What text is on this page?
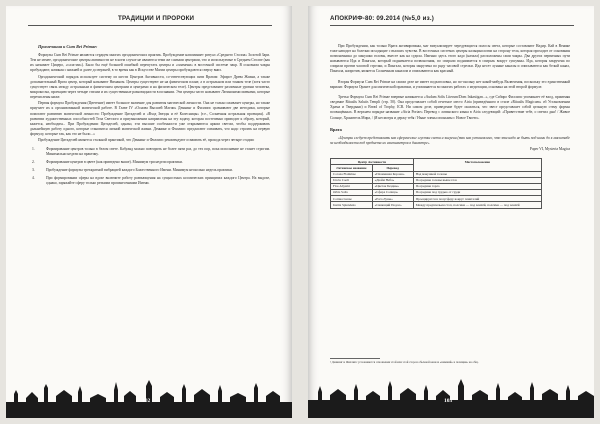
ТРАДИЦИИ И ПРОРОКИ
Примечания к Cum Rei Primae:

Формулы Cum Rei Primae являются сердцем многих оргадонических практик. Пробуждение напоминает ритуал «Среднего Столпа» Золотой Зари. Тем не менее, оргадонические центры активности не в коем случае не являются теми же самыми центрами, что и используемые в Среднем Столпе (как их называет Цицеро, «сала-ми»). Было бы ещё большей ошибкой перепутать центры и «пламени» в восточной системе чакр. В основном чакры пробуждают, начиная с нижней и далее до верхней, в то время как в Искусстве Магии центры пробуждаются сверху вниз.

Оргадонический порядок использует систему из шести Центров Активности, со-ответствующих пяти Вратам: Эфирот Древа Жизни, а также дополнительный Врата центр, который называют Ниманом. Центры существуют не на физическом плане, а в астральном или тонком теле (хотя часто существует связь между астральным и физическим центрами и центрами и на физическом теле). Центры представляют различные уровни человека, микрокосма, проекцию через четыре стихии и их существенные разновидности в познании. Эти центры часто называют Латинскими именами, которые перечислены ниже.

Первая формула Пробуждения (Цветение) имеет большое значение для развития магической личности. Она не только оживляет центры, но также приучает их к организованной магической работе. В Главе IV «Основа Высшей Магии» Деннинг и Филлипс сравнивают две методики, которые помогают развитию магической личности: Пробуждение Цитаделей и «Вход Звезды и её Колесницы» (т.е., Солнечная астральная проекция). «В развитии художественных способностей Тела Светлого и приумножении направлены на эту задачу, которая постепенно приводит к образу, который, кажется, необходим... При Пробуждении Цитаделей, однако, эти высшие особенности уже открываются ярким светом, чтобы поддерживать дальнейшую работу одного, которые становятся личной магической жизни. Деннинг и Филлипс предлагают осваивать, что надо строить на первую формулу, которые так, как это не было...»

Пробуждение Цитаделей является стальной практикой, что Деннинг и Филлипс рекомендуют осваивать её, прохода через четыре стадии:

1.	Формирование центров только в белом свете. Кабуанд можно повторить не более пяти раз, до тех пор, пока исполнение не станет строгим. Минимально недели на практику.
2.	Формирование центров в цвете (как приведено выше). Минимум три недели практики.
3.	Пробуждение формулы трехкратной вибрацией каждого Божественного Имени. Минимум несколько недель практики.
4.	При формировании сферы на вдохе включите работу развьющения на сущностных космических принципах каждого Центра. На выдохе, однако, заряжайте сферу только резкими произнесениями Имени.
102
АПОКРИФ-80: 09.2014 (№5,0 из.)

При Пробуждении, как только Врата активированы, маг визуализирует чередующиеся полосы света, которые составляют Надир. Кай в Венике тоже наводит на болезни исходящие с высших чувства. В восточных системах центры кальцинологии на сторону тела, которая проходит от основания позвоночника до макушки головы, вместе как на судиха. Именно здесь этого кадо (начала) расположены сами чакры. Два других первичных пути называются Ида и Пингала, который поднимается позвоночник, по спирали поднимается в спираль вокруг сушумны. Ида, которая закручена по спирали против часовой стрелки, и Пингала, которая закручена по ряду часовой стрелки. Ида несет лунные каналы и описываются как белый канал, Пингала, напротив, является Солнечным каналом и описываются как красный.

Вторая Формула Cum Rei Primae на самом деле не имеет подзаголовка, но по-скольку нет какой-нибудь Включения, поскольку это единственный вариант. Формула Оранте для магической практики, и упоминается во многих работах о медитации, основана на этой второй формуле.

Третья Формула Cum Rei Primae впервые начинается «Audam Solis Literum/Dom Inkastigan...», где Сабиро Филлипс упоминает её вход, применяя сведение Ritualis Salutis Templi (стр. 50). Она представляет собой отчетное место Atria (приведённого в стиле «Ritualis Magicum» об Установлении Храма и Твердыни) и Bread of Trophy, ICR. Ни самом деле, приведение будет оказаться, что эвест представляет собой цельную стену формы посвящённых. В верхнем порядке название «Atria Portae» Перевод с латинского языка в Atria следующий: «Приветствие тебе, о светил дня! / Живое Солнце, Хранитель Мира, / (Я несмотря и держу тебя / Ныне члены опонымы с Новое Твоею».

Врата

«Центры следует представлять как сферические сгустки света и энергии (так как установлено, что эти надо не быть под ними до в масштабе за необходимости под предмета их сантиметров в диаметре».

Paper VI, Mysteria Magica
Центр Активности		Местоположение
Латинское название	Перевод	
Corona Flammae	«Пламенная Корона»	Над макушкой головы
Uncia Coeli	«Дюйм Неба»	Посредине головы выше глаз
Flos Abysmi	«Цветок Бездны»	Посредине горла
Orbis Solis	«Сфера Солнца»	Посредине под грудью от груди
Cornua Lunae	«Рога Луны»	Проецируется в полусферу вокруг гениталий
Instita Splendens	«Сияющий Подол»	Между предплечьем стоп, полсима — под землёй, полсима — под землёй
¹ Деннинг и Филлипс усложняются отношения этой или этой сторон обычной канала «нижний» в позиции» на общ.
103
